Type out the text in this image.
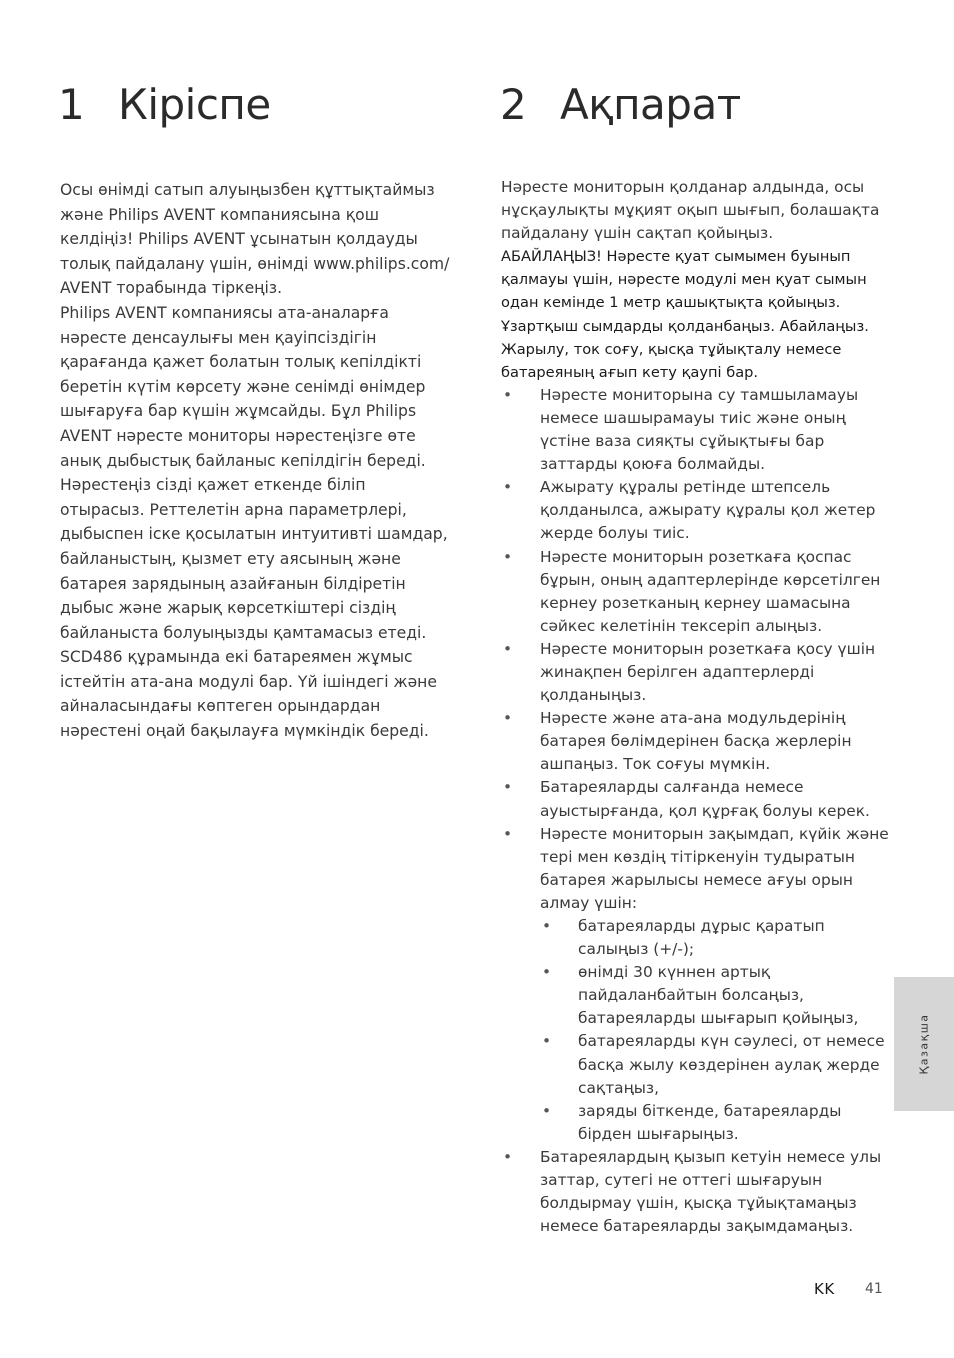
1 Кіріспе	2 Ақпарат

Осы өнімді сатып алуыңызбен құттықтаймыз және Philips AVENT компаниясына қош келдіңіз! Philips AVENT ұсынатын қолдауды толық пайдалану үшін, өнімді www.philips.com/ AVENT торабында тіркеңіз.

Philips AVENT компаниясы ата-аналарға нәресте денсаулығы мен қауіпсіздігін қарағанда қажет болатын толық кепілдікті беретін күтім көрсету және сенімді өнімдер шығаруға бар күшін жұмсайды. Бұл Philips AVENT нәресте мониторы нәрестеңізге өте анық дыбыстық байланыс кепілдігін береді. Нәрестеңіз сізді қажет еткенде біліп отырасыз. Реттелетін арна параметрлері, дыбыспен іске қосылатын интуитивті шамдар, байланыстың, қызмет ету аясының және батарея зарядының азайғанын білдіретін дыбыс және жарық көрсеткіштері сіздің байланыста болуыңызды қамтамасыз етеді. SCD486 құрамында екі батареямен жұмыс істейтін ата-ана модулі бар. Үй ішіндегі және айналасындағы көптеген орындардан нәрестені оңай бақылауға мүмкіндік береді.

Нәресте мониторын қолданар алдында, осы нұсқаулықты мұқият оқып шығып, болашақта пайдалану үшін сақтап қойыңыз.

АБАЙЛАҢЫЗ! Нәресте қуат сымымен буынып қалмауы үшін, нәресте модулі мен қуат сымын одан кемінде 1 метр қашықтықта қойыңыз. Ұзартқыш сымдарды қолданбаңыз. Абайлаңыз. Жарылу, ток соғу, қысқа тұйықталу немесе батареяның ағып кету қаупі бар.

• Нәресте мониторына су тамшыламауы немесе шашырамауы тиіс және оның үстіне ваза сияқты сұйықтығы бар заттарды қоюға болмайды.
• Ажырату құралы ретінде штепсель қолданылса, ажырату құралы қол жетер жерде болуы тиіс.
• Нәресте мониторын розеткаға қоспас бұрын, оның адаптерлерінде көрсетілген кернеу розетканың кернеу шамасына сәйкес келетінін тексеріп алыңыз.
• Нәресте мониторын розеткаға қосу үшін жинақпен берілген адаптерлерді қолданыңыз.
• Нәресте және ата-ана модульдерінің батарея бөлімдерінен басқа жерлерін ашпаңыз. Ток соғуы мүмкін.
• Батареяларды салғанда немесе ауыстырғанда, қол құрғақ болуы керек.
• Нәресте мониторын зақымдап, күйік және тері мен көздің тітіркенуін тудыратын батарея жарылысы немесе ағуы орын алмау үшін:
• батареяларды дұрыс қаратып салыңыз (+/-);
• өнімді 30 күннен артық пайдаланбайтын болсаңыз, батареяларды шығарып қойыңыз,
• батареяларды күн сәулесі, от немесе басқа жылу көздерінен аулақ жерде сақтаңыз,
• заряды біткенде, батареяларды бірден шығарыңыз.
• Батареялардың қызып кетуін немесе улы заттар, сутегі не оттегі шығаруын болдырмау үшін, қысқа тұйықтамаңыз немесе батареяларды зақымдамаңыз.
Қазақша
KK 41
